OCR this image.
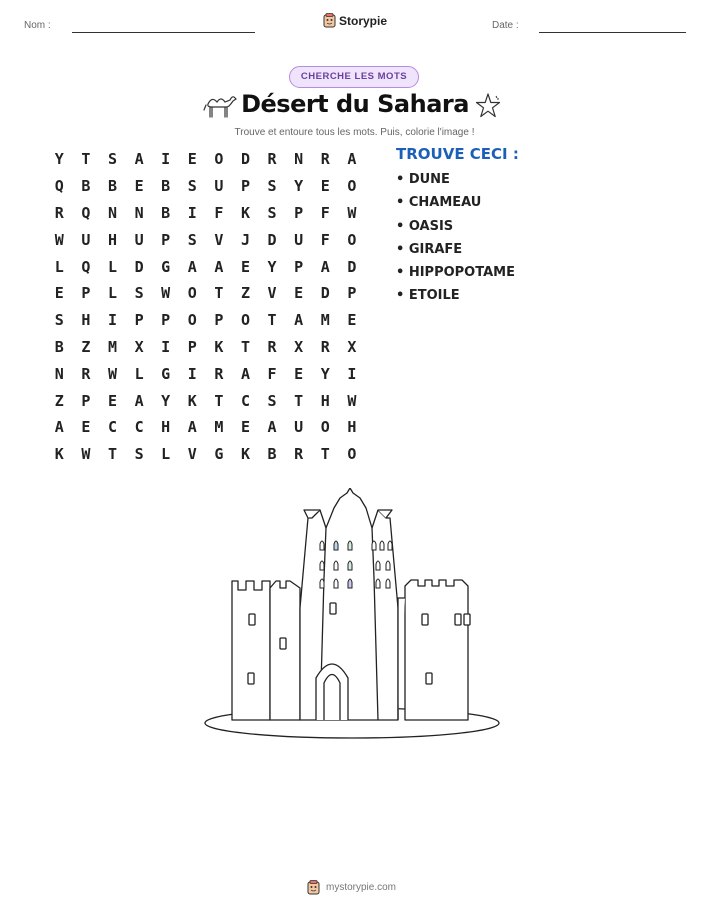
Nom :	Storypie	Date :
CHERCHE LES MOTS
Désert du Sahara
Trouve et entoure tous les mots. Puis, colorie l'image !
Y	T	S	A	I	E	O	D	R	N	R	A
Q	B	B	E	B	S	U	P	S	Y	E	O
R	Q	N	N	B	I	F	K	S	P	F	W
W	U	H	U	P	S	V	J	D	U	F	O
L	Q	L	D	G	A	A	E	Y	P	A	D
E	P	L	S	W	O	T	Z	V	E	D	P
S	H	I	P	P	O	P	O	T	A	M	E
B	Z	M	X	I	P	K	T	R	X	R	X
N	R	W	L	G	I	R	A	F	E	Y	I
Z	P	E	A	Y	K	T	C	S	T	H	W
A	E	C	C	H	A	M	E	A	U	O	H
K	W	T	S	L	V	G	K	B	R	T	O
TROUVE CECI :
• DUNE
• CHAMEAU
• OASIS
• GIRAFE
• HIPPOPOTAME
• ETOILE
mystorypie.com
